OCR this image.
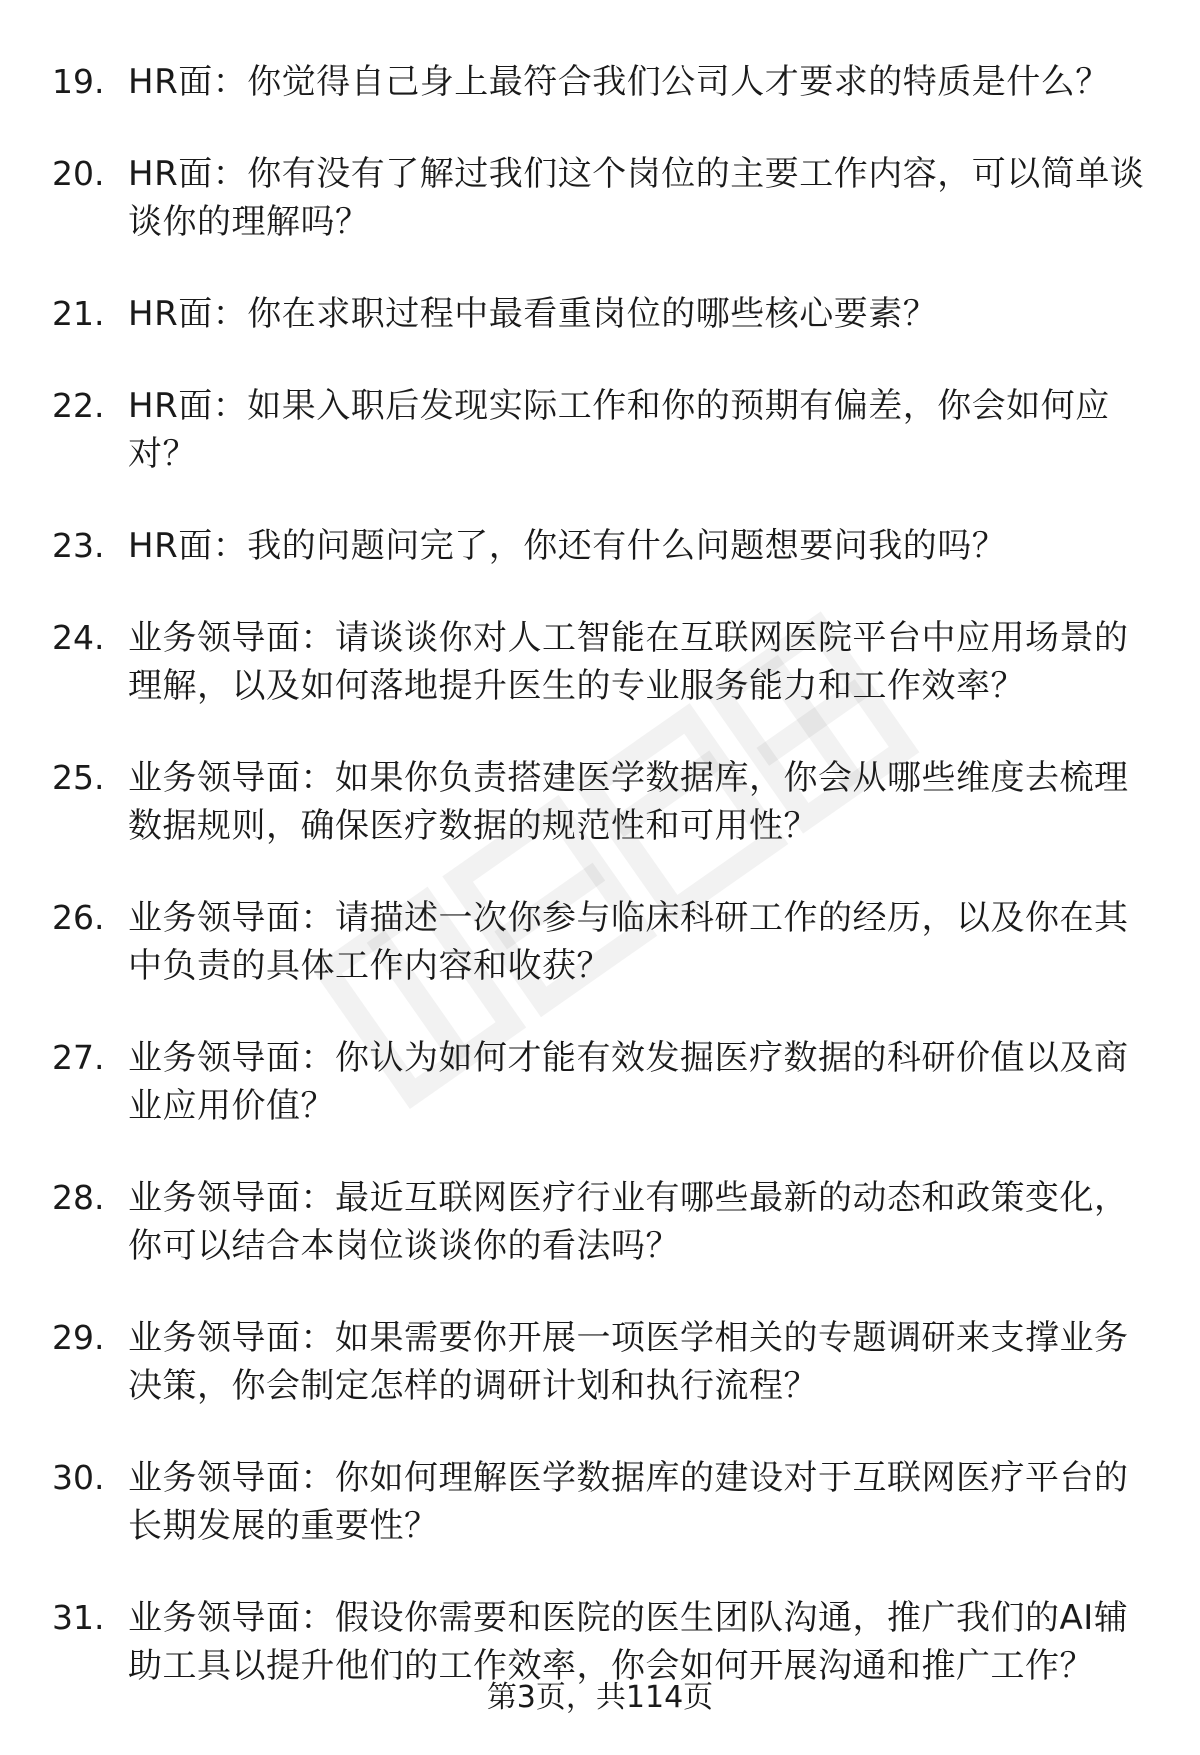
19. HR面：你觉得自己身上最符合我们公司人才要求的特质是什么？
20. HR面：你有没有了解过我们这个岗位的主要工作内容，可以简单谈谈你的理解吗？
21. HR面：你在求职过程中最看重岗位的哪些核心要素？
22. HR面：如果入职后发现实际工作和你的预期有偏差，你会如何应对？
23. HR面：我的问题问完了，你还有什么问题想要问我的吗？
24. 业务领导面：请谈谈你对人工智能在互联网医院平台中应用场景的理解，以及如何落地提升医生的专业服务能力和工作效率？
25. 业务领导面：如果你负责搭建医学数据库，你会从哪些维度去梳理数据规则，确保医疗数据的规范性和可用性？
26. 业务领导面：请描述一次你参与临床科研工作的经历，以及你在其中负责的具体工作内容和收获？
27. 业务领导面：你认为如何才能有效发掘医疗数据的科研价值以及商业应用价值？
28. 业务领导面：最近互联网医疗行业有哪些最新的动态和政策变化，你可以结合本岗位谈谈你的看法吗？
29. 业务领导面：如果需要你开展一项医学相关的专题调研来支撑业务决策，你会制定怎样的调研计划和执行流程？
30. 业务领导面：你如何理解医学数据库的建设对于互联网医疗平台的长期发展的重要性？
31. 业务领导面：假设你需要和医院的医生团队沟通，推广我们的AI辅助工具以提升他们的工作效率，你会如何开展沟通和推广工作？
第3页，共114页
